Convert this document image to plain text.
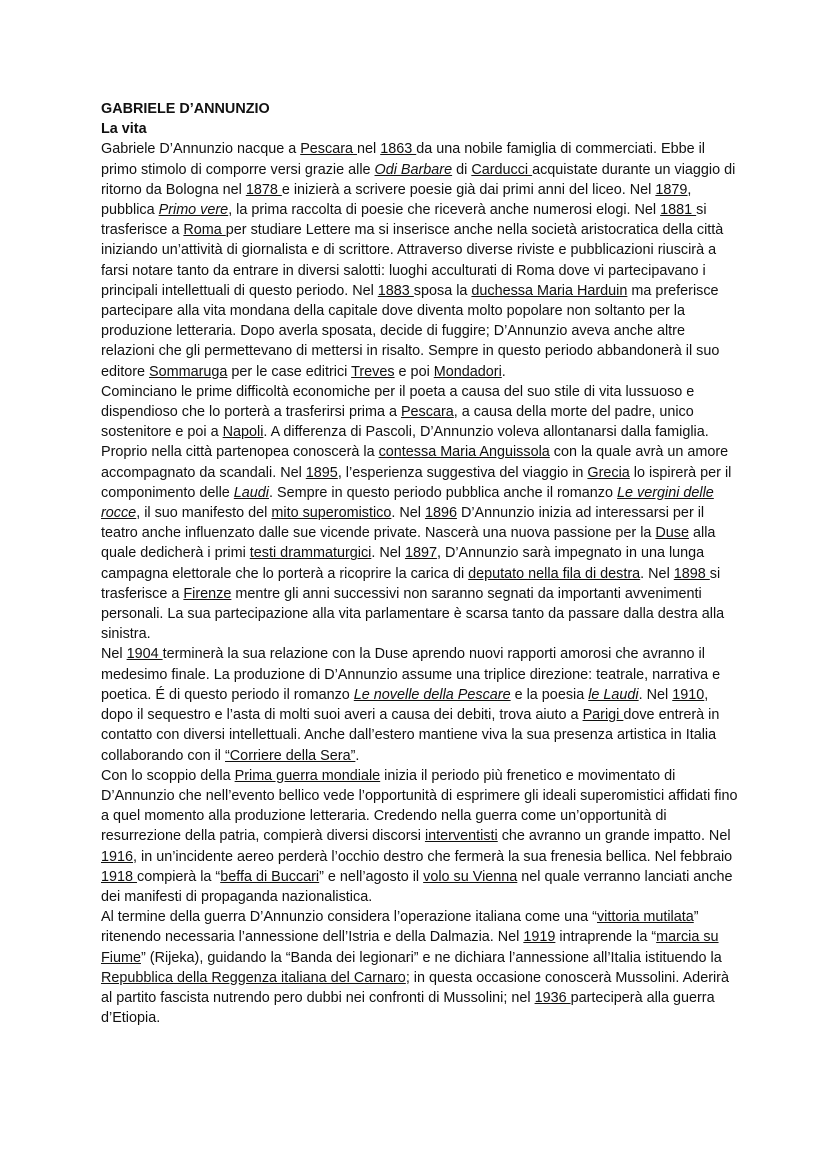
GABRIELE D’ANNUNZIO
La vita

Gabriele D’Annunzio nacque a Pescara nel 1863 da una nobile famiglia di commerciati. Ebbe il primo stimolo di comporre versi grazie alle Odi Barbare di Carducci acquistate durante un viaggio di ritorno da Bologna nel 1878 e inizierà a scrivere poesie già dai primi anni del liceo. Nel 1879, pubblica Primo vere, la prima raccolta di poesie che riceverà anche numerosi elogi. Nel 1881 si trasferisce a Roma per studiare Lettere ma si inserisce anche nella società aristocratica della città iniziando un’attività di giornalista e di scrittore. Attraverso diverse riviste e pubblicazioni riuscirà a farsi notare tanto da entrare in diversi salotti: luoghi acculturati di Roma dove vi partecipavano i principali intellettuali di questo periodo. Nel 1883 sposa la duchessa Maria Harduin ma preferisce partecipare alla vita mondana della capitale dove diventa molto popolare non soltanto per la produzione letteraria. Dopo averla sposata, decide di fuggire; D’Annunzio aveva anche altre relazioni che gli permettevano di mettersi in risalto. Sempre in questo periodo abbandonerà il suo editore Sommaruga per le case editrici Treves e poi Mondadori.

Cominciano le prime difficoltà economiche per il poeta a causa del suo stile di vita lussuoso e dispendioso che lo porterà a trasferirsi prima a Pescara, a causa della morte del padre, unico sostenitore e poi a Napoli. A differenza di Pascoli, D’Annunzio voleva allontanarsi dalla famiglia. Proprio nella città partenopea conoscerà la contessa Maria Anguissola con la quale avrà un amore accompagnato da scandali. Nel 1895, l’esperienza suggestiva del viaggio in Grecia lo ispirerà per il componimento delle Laudi. Sempre in questo periodo pubblica anche il romanzo Le vergini delle rocce, il suo manifesto del mito superomistico. Nel 1896 D’Annunzio inizia ad interessarsi per il teatro anche influenzato dalle sue vicende private. Nascerà una nuova passione per la Duse alla quale dedicherà i primi testi drammaturgici. Nel 1897, D’Annunzio sarà impegnato in una lunga campagna elettorale che lo porterà a ricoprire la carica di deputato nella fila di destra. Nel 1898 si trasferisce a Firenze mentre gli anni successivi non saranno segnati da importanti avvenimenti personali. La sua partecipazione alla vita parlamentare è scarsa tanto da passare dalla destra alla sinistra.

Nel 1904 terminerà la sua relazione con la Duse aprendo nuovi rapporti amorosi che avranno il medesimo finale. La produzione di D’Annunzio assume una triplice direzione: teatrale, narrativa e poetica. É di questo periodo il romanzo Le novelle della Pescare e la poesia le Laudi. Nel 1910, dopo il sequestro e l’asta di molti suoi averi a causa dei debiti, trova aiuto a Parigi dove entrerà in contatto con diversi intellettuali. Anche dall’estero mantiene viva la sua presenza artistica in Italia collaborando con il “Corriere della Sera”.

Con lo scoppio della Prima guerra mondiale inizia il periodo più frenetico e movimentato di D’Annunzio che nell’evento bellico vede l’opportunità di esprimere gli ideali superomistici affidati fino a quel momento alla produzione letteraria. Credendo nella guerra come un’opportunità di resurrezione della patria, compierà diversi discorsi interventisti che avranno un grande impatto. Nel 1916, in un’incidente aereo perderà l’occhio destro che fermerà la sua frenesia bellica. Nel febbraio 1918 compierà la “beffa di Buccari” e nell’agosto il volo su Vienna nel quale verranno lanciati anche dei manifesti di propaganda nazionalistica.

Al termine della guerra D’Annunzio considera l’operazione italiana come una “vittoria mutilata” ritenendo necessaria l’annessione dell’Istria e della Dalmazia. Nel 1919 intraprende la “marcia su Fiume” (Rijeka), guidando la “Banda dei legionari” e ne dichiara l’annessione all’Italia istituendo la Repubblica della Reggenza italiana del Carnaro; in questa occasione conoscerà Mussolini. Aderirà al partito fascista nutrendo pero dubbi nei confronti di Mussolini; nel 1936 parteciperà alla guerra d’Etiopia.
